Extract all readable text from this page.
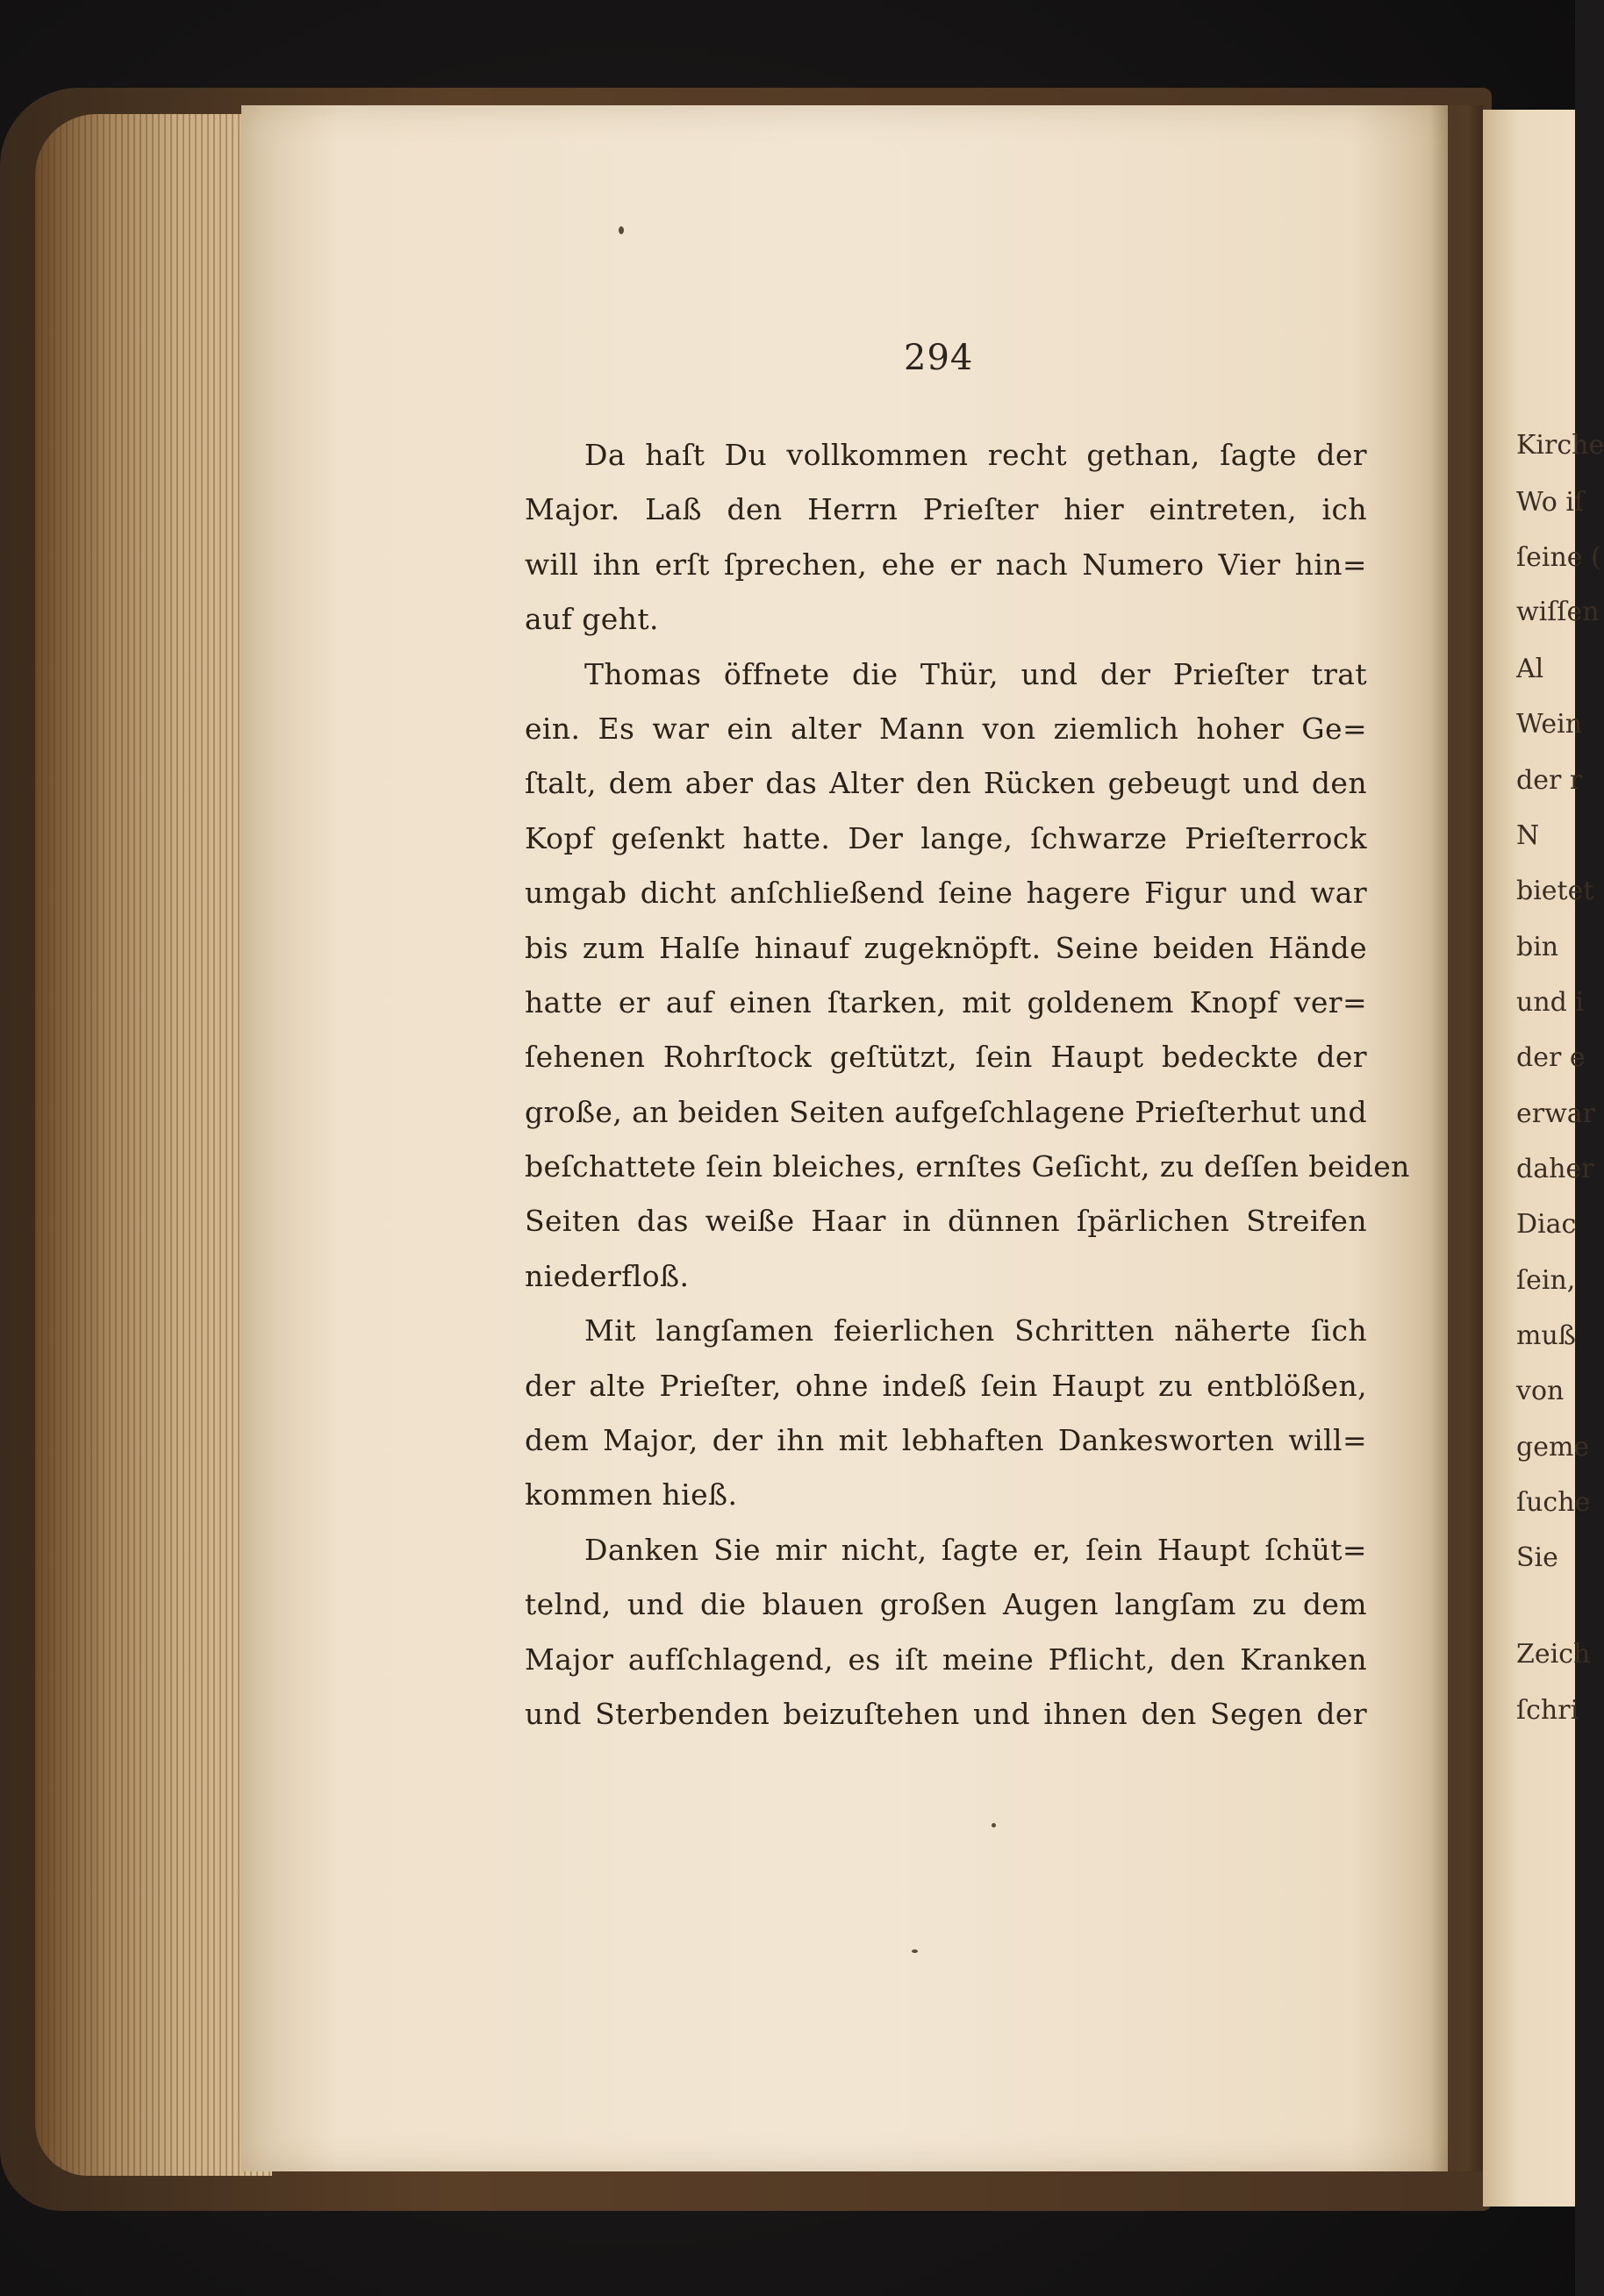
Kirche
Wo iſ
ſeine (
wiſſen
Al
Wein
der r
N
bietet
bin
und i
der e
erwar
daher
Diac
ſein,
muß
von
geme
ſuche
Sie
Zeich
ſchri
294
Da haſt Du vollkommen recht gethan, ſagte der
Major. Laß den Herrn Prieſter hier eintreten, ich
will ihn erſt ſprechen, ehe er nach Numero Vier hin=
auf geht.
Thomas öffnete die Thür, und der Prieſter trat
ein. Es war ein alter Mann von ziemlich hoher Ge=
ſtalt, dem aber das Alter den Rücken gebeugt und den
Kopf geſenkt hatte. Der lange, ſchwarze Prieſterrock
umgab dicht anſchließend ſeine hagere Figur und war
bis zum Halſe hinauf zugeknöpft. Seine beiden Hände
hatte er auf einen ſtarken, mit goldenem Knopf ver=
ſehenen Rohrſtock geſtützt, ſein Haupt bedeckte der
große, an beiden Seiten aufgeſchlagene Prieſterhut und
beſchattete ſein bleiches, ernſtes Geſicht, zu deſſen beiden
Seiten das weiße Haar in dünnen ſpärlichen Streifen
niederfloß.
Mit langſamen feierlichen Schritten näherte ſich
der alte Prieſter, ohne indeß ſein Haupt zu entblößen,
dem Major, der ihn mit lebhaften Dankesworten will=
kommen hieß.
Danken Sie mir nicht, ſagte er, ſein Haupt ſchüt=
telnd, und die blauen großen Augen langſam zu dem
Major aufſchlagend, es iſt meine Pflicht, den Kranken
und Sterbenden beizuſtehen und ihnen den Segen der
